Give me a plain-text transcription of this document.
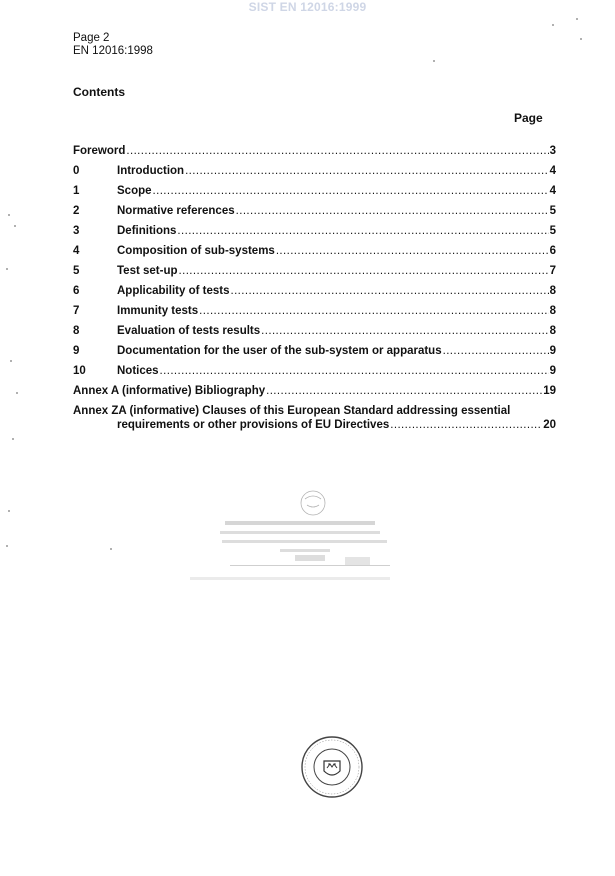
SIST EN 12016:1999
Page 2
EN 12016:1998
Contents
Page
Foreword .....	3
0	Introduction .....	4
1	Scope .....	4
2	Normative references .....	5
3	Definitions .....	5
4	Composition of sub-systems .....	6
5	Test set-up .....	7
6	Applicability of tests .....	8
7	Immunity tests .....	8
8	Evaluation of tests results .....	8
9	Documentation for the user of the sub-system or apparatus .....	9
10	Notices .....	9
Annex A (informative) Bibliography .....	19
Annex ZA (informative) Clauses of this European Standard addressing essential
requirements or other provisions of EU Directives .....	20
